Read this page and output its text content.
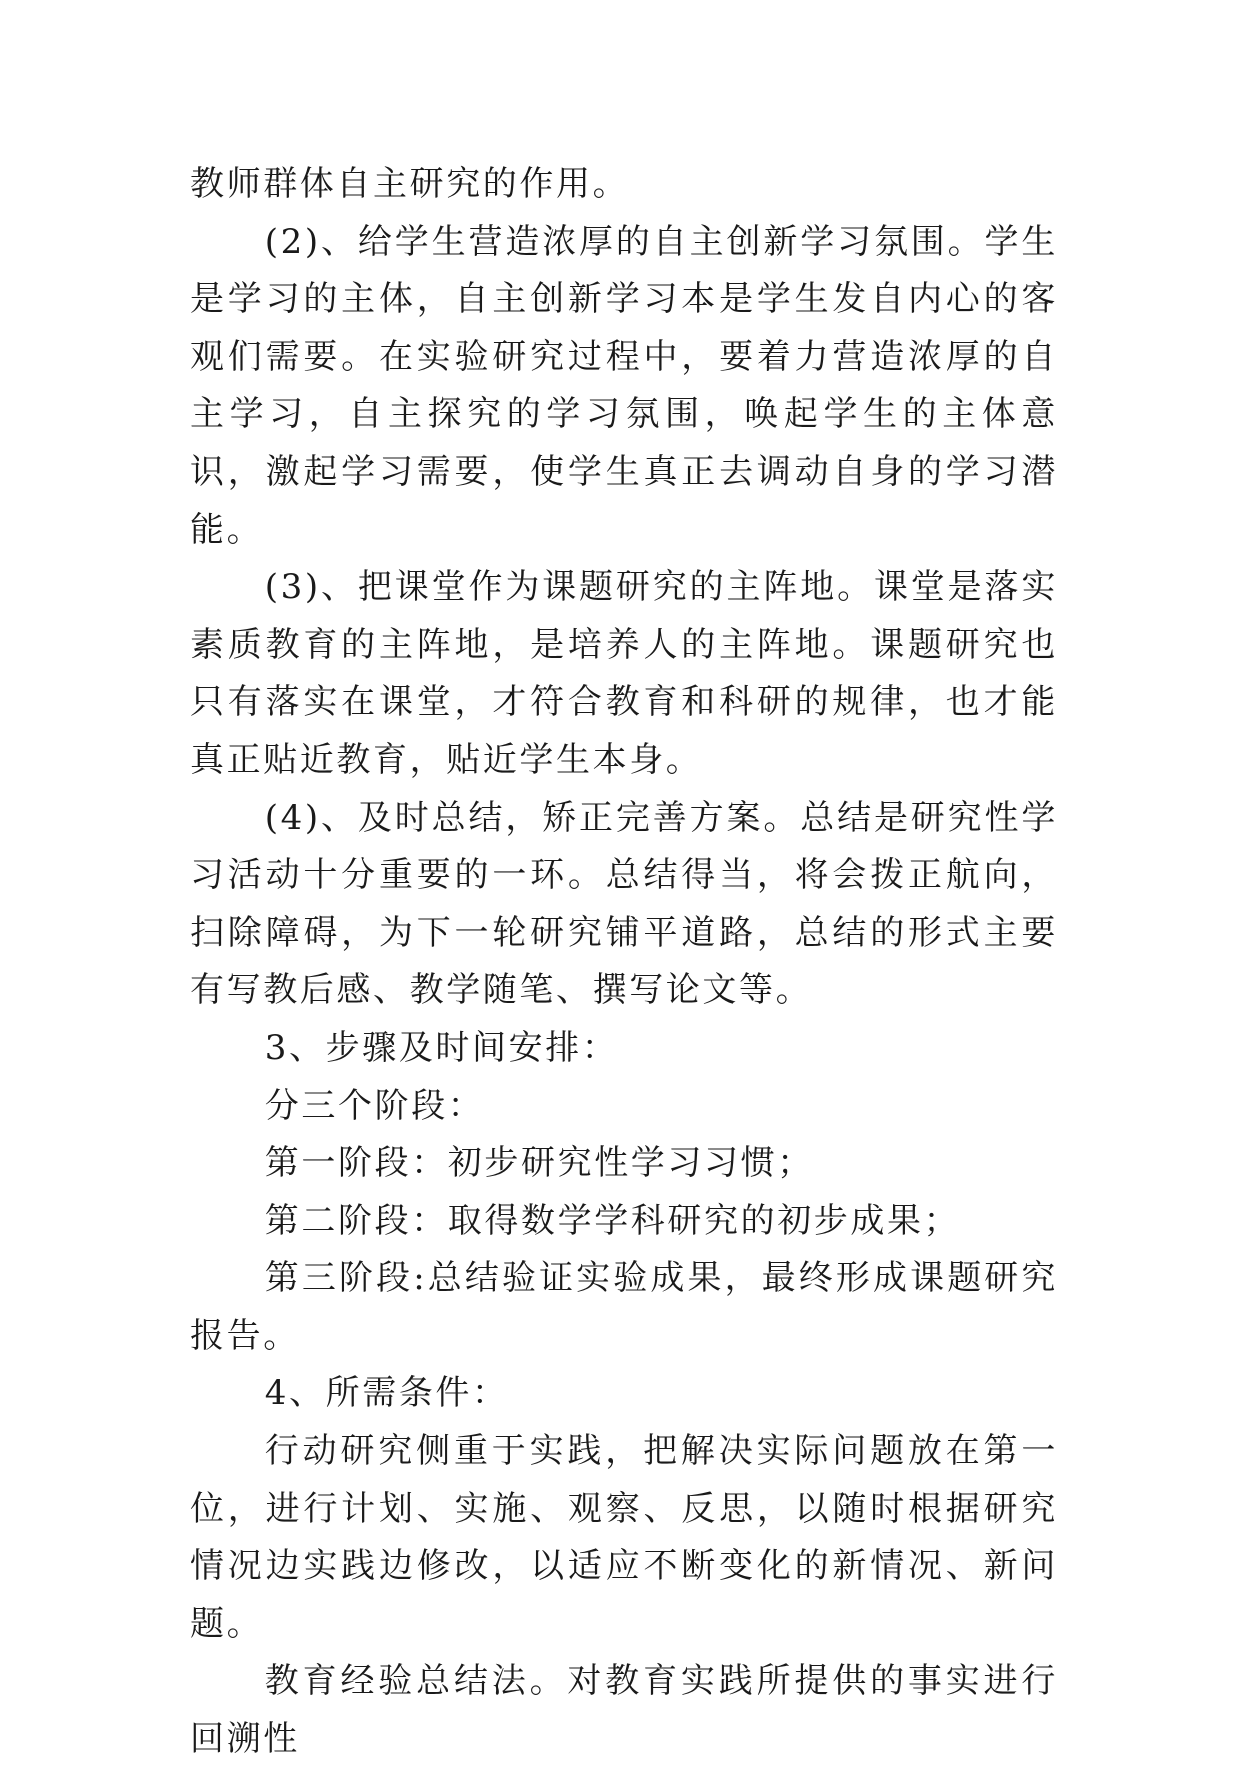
教师群体自主研究的作用。

(2)、给学生营造浓厚的自主创新学习氛围。学生是学习的主体，自主创新学习本是学生发自内心的客观们需要。在实验研究过程中，要着力营造浓厚的自主学习，自主探究的学习氛围，唤起学生的主体意识，激起学习需要，使学生真正去调动自身的学习潜能。

(3)、把课堂作为课题研究的主阵地。课堂是落实素质教育的主阵地，是培养人的主阵地。课题研究也只有落实在课堂，才符合教育和科研的规律，也才能真正贴近教育，贴近学生本身。

(4)、及时总结，矫正完善方案。总结是研究性学习活动十分重要的一环。总结得当，将会拨正航向，扫除障碍，为下一轮研究铺平道路，总结的形式主要有写教后感、教学随笔、撰写论文等。

3、步骤及时间安排：

分三个阶段：

第一阶段：初步研究性学习习惯；

第二阶段：取得数学学科研究的初步成果；

第三阶段:总结验证实验成果，最终形成课题研究报告。

4、所需条件：

行动研究侧重于实践，把解决实际问题放在第一位，进行计划、实施、观察、反思，以随时根据研究情况边实践边修改，以适应不断变化的新情况、新问题。

教育经验总结法。对教育实践所提供的事实进行回溯性
